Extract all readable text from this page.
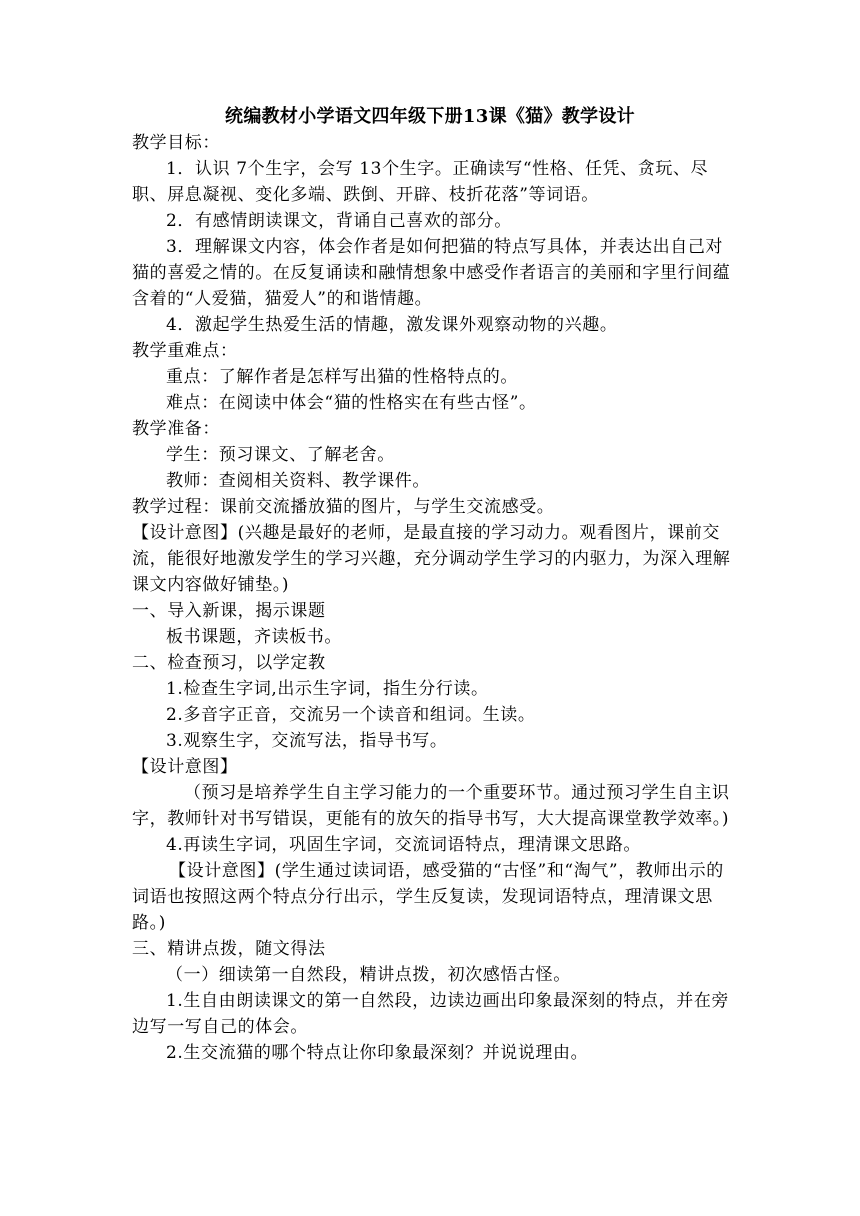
统编教材小学语文四年级下册13课《猫》教学设计

教学目标：

1．认识 7个生字，会写 13个生字。正确读写“性格、任凭、贪玩、尽职、屏息凝视、变化多端、跌倒、开辟、枝折花落”等词语。

2．有感情朗读课文，背诵自己喜欢的部分。

3．理解课文内容，体会作者是如何把猫的特点写具体，并表达出自己对猫的喜爱之情的。在反复诵读和融情想象中感受作者语言的美丽和字里行间蕴含着的“人爱猫，猫爱人”的和谐情趣。

4．激起学生热爱生活的情趣，激发课外观察动物的兴趣。

教学重难点：

重点：了解作者是怎样写出猫的性格特点的。

难点：在阅读中体会“猫的性格实在有些古怪”。

教学准备：

学生：预习课文、了解老舍。

教师：查阅相关资料、教学课件。

教学过程：课前交流播放猫的图片，与学生交流感受。

【设计意图】(兴趣是最好的老师，是最直接的学习动力。观看图片，课前交流，能很好地激发学生的学习兴趣，充分调动学生学习的内驱力，为深入理解课文内容做好铺垫。)

一、导入新课，揭示课题

板书课题，齐读板书。

二、检查预习，以学定教

1.检查生字词,出示生字词，指生分行读。

2.多音字正音，交流另一个读音和组词。生读。

3.观察生字，交流写法，指导书写。

【设计意图】

（预习是培养学生自主学习能力的一个重要环节。通过预习学生自主识字，教师针对书写错误，更能有的放矢的指导书写，大大提高课堂教学效率。)

4.再读生字词，巩固生字词，交流词语特点，理清课文思路。

【设计意图】(学生通过读词语，感受猫的“古怪”和“淘气”，教师出示的词语也按照这两个特点分行出示，学生反复读，发现词语特点，理清课文思路。)

三、精讲点拨，随文得法

（一）细读第一自然段，精讲点拨，初次感悟古怪。

1.生自由朗读课文的第一自然段，边读边画出印象最深刻的特点，并在旁边写一写自己的体会。

2.生交流猫的哪个特点让你印象最深刻？并说说理由。
